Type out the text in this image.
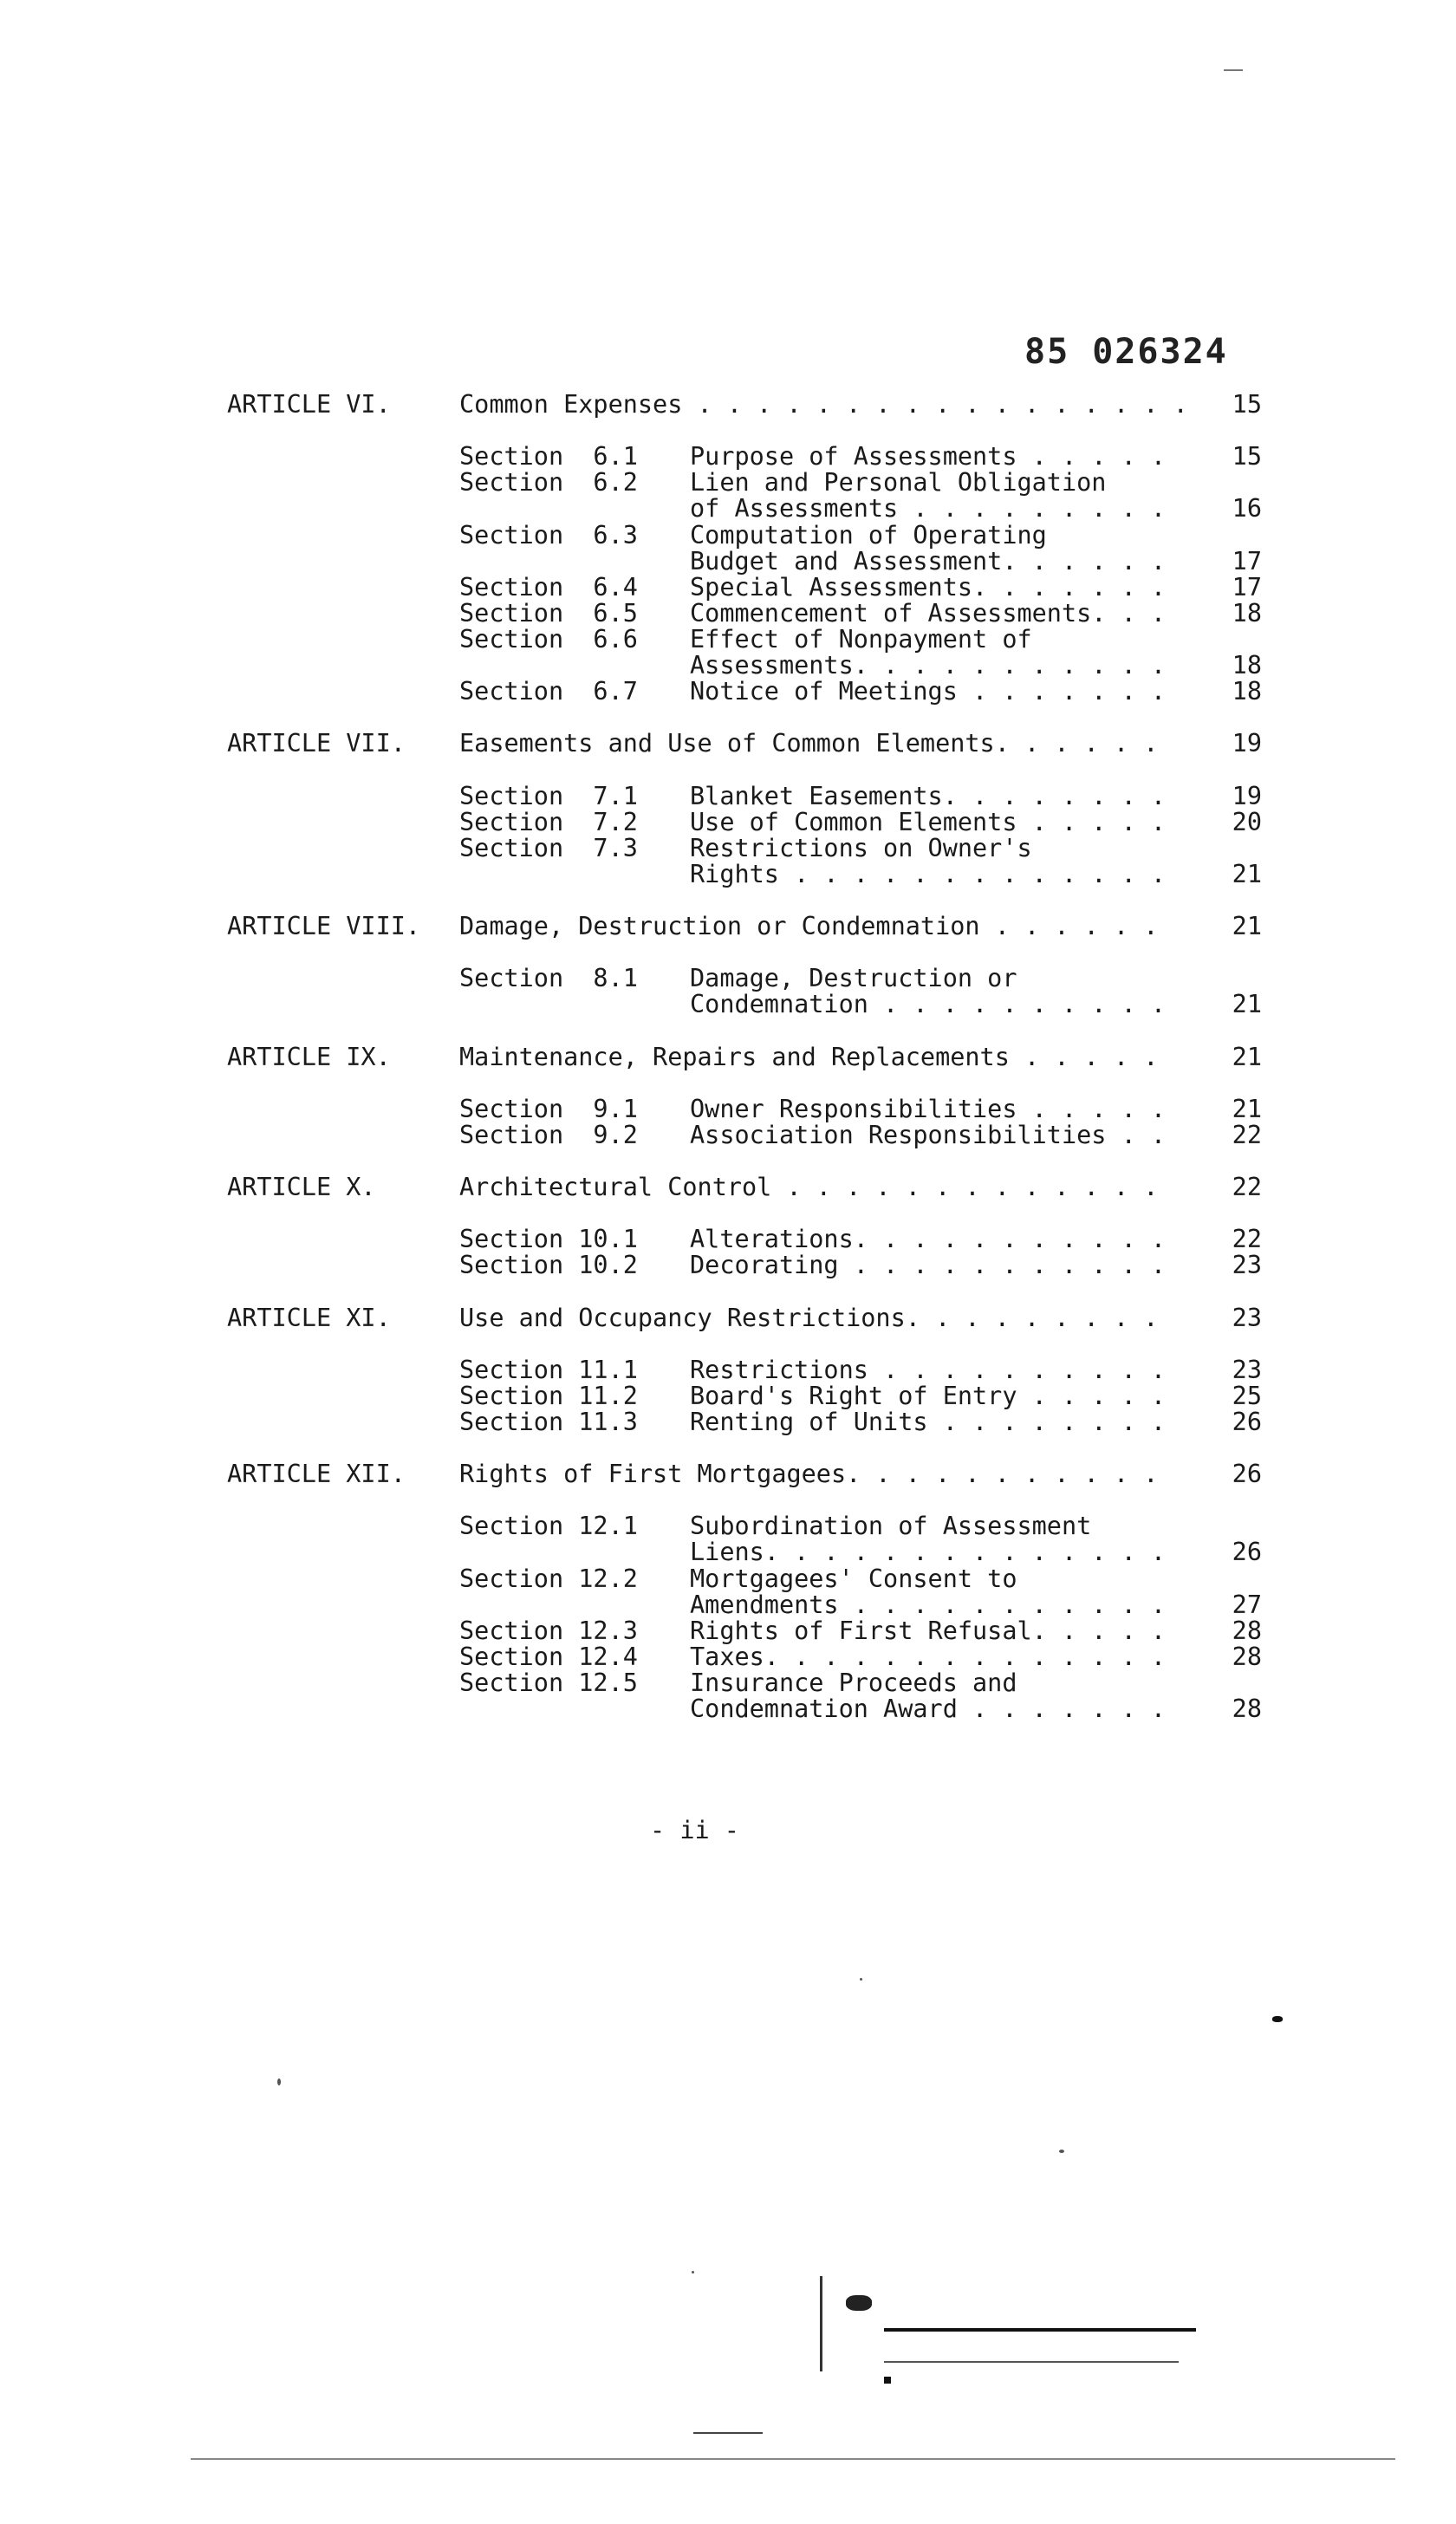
85 026324
ARTICLE VI.	Common Expenses . . . . . . . . . . . . . . . . .	15
Section  6.1 Purpose of Assessments . . . . .	15
Section  6.2 Lien and Personal Obligation
of Assessments . . . . . . . . .	16
Section  6.3 Computation of Operating
Budget and Assessment. . . . . .	17
Section  6.4 Special Assessments. . . . . . .	17
Section  6.5 Commencement of Assessments. . .	18
Section  6.6 Effect of Nonpayment of
Assessments. . . . . . . . . . .	18
Section  6.7 Notice of Meetings . . . . . . .	18
ARTICLE VII. Easements and Use of Common Elements. . . . . .	19
Section  7.1 Blanket Easements. . . . . . . .	19
Section  7.2 Use of Common Elements . . . . .	20
Section  7.3 Restrictions on Owner's
Rights . . . . . . . . . . . . .	21
ARTICLE VIII. Damage, Destruction or Condemnation . . . . . .	21
Section  8.1 Damage, Destruction or
Condemnation . . . . . . . . . .	21
ARTICLE IX.	Maintenance, Repairs and Replacements . . . . .	21
Section  9.1 Owner Responsibilities . . . . .	21
Section  9.2 Association Responsibilities . .	22
ARTICLE X.	Architectural Control . . . . . . . . . . . . .	22
Section 10.1 Alterations. . . . . . . . . . .	22
Section 10.2 Decorating . . . . . . . . . . .	23
ARTICLE XI.	Use and Occupancy Restrictions. . . . . . . . .	23
Section 11.1 Restrictions . . . . . . . . . .	23
Section 11.2 Board's Right of Entry . . . . .	25
Section 11.3 Renting of Units . . . . . . . .	26
ARTICLE XII. Rights of First Mortgagees. . . . . . . . . . .	26
Section 12.1 Subordination of Assessment
Liens. . . . . . . . . . . . . .	26
Section 12.2 Mortgagees' Consent to
Amendments . . . . . . . . . . .	27
Section 12.3 Rights of First Refusal. . . . .	28
Section 12.4 Taxes. . . . . . . . . . . . . .	28
Section 12.5 Insurance Proceeds and
Condemnation Award . . . . . . .	28
- ii -
